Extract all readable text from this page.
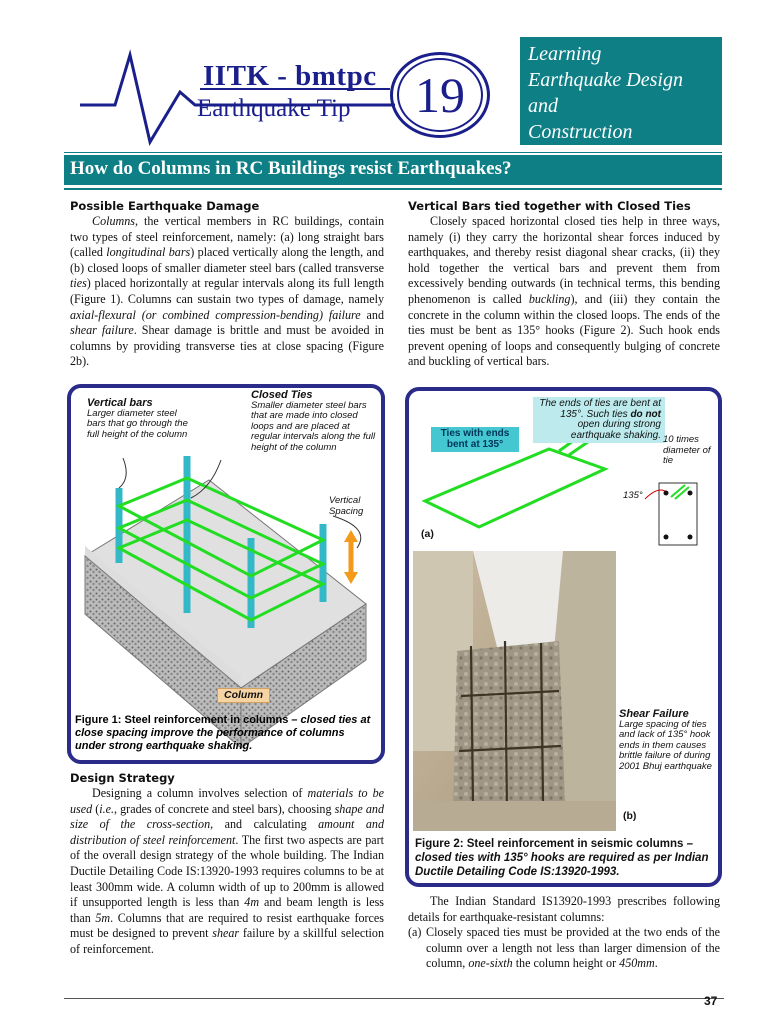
IITK - bmtpc
Earthquake Tip 19
Learning
Earthquake Design
and
Construction
How do Columns in RC Buildings resist Earthquakes?
Possible Earthquake Damage

Columns, the vertical members in RC buildings, contain two types of steel reinforcement, namely: (a) long straight bars (called longitudinal bars) placed vertically along the length, and (b) closed loops of smaller diameter steel bars (called transverse ties) placed horizontally at regular intervals along its full length (Figure 1). Columns can sustain two types of damage, namely axial-flexural (or combined compression-bending) failure and shear failure. Shear damage is brittle and must be avoided in columns by providing transverse ties at close spacing (Figure 2b).

Vertical bars
Larger diameter steel bars that go through the full height of the column
Closed Ties
Smaller diameter steel bars that are made into closed loops and are placed at regular intervals along the full height of the column
Vertical Spacing
Column
Figure 1: Steel reinforcement in columns – closed ties at close spacing improve the performance of columns under strong earthquake shaking.
Design Strategy

Designing a column involves selection of materials to be used (i.e., grades of concrete and steel bars), choosing shape and size of the cross-section, and calculating amount and distribution of steel reinforcement. The first two aspects are part of the overall design strategy of the whole building. The Indian Ductile Detailing Code IS:13920-1993 requires columns to be at least 300mm wide. A column width of up to 200mm is allowed if unsupported length is less than 4m and beam length is less than 5m. Columns that are required to resist earthquake forces must be designed to prevent shear failure by a skillful selection of reinforcement.

Vertical Bars tied together with Closed Ties

Closely spaced horizontal closed ties help in three ways, namely (i) they carry the horizontal shear forces induced by earthquakes, and thereby resist diagonal shear cracks, (ii) they hold together the vertical bars and prevent them from excessively bending outwards (in technical terms, this bending phenomenon is called buckling), and (iii) they contain the concrete in the column within the closed loops. The ends of the ties must be bent as 135° hooks (Figure 2). Such hook ends prevent opening of loops and consequently bulging of concrete and buckling of vertical bars.

Ties with ends bent at 135°
The ends of ties are bent at 135°. Such ties do not open during strong earthquake shaking. 10 times diameter of tie
135°
(a)
Shear Failure
Large spacing of ties and lack of 135° hook ends in them causes brittle failure of during 2001 Bhuj earthquake
(b)
Figure 2: Steel reinforcement in seismic columns – closed ties with 135° hooks are required as per Indian Ductile Detailing Code IS:13920-1993.

The Indian Standard IS13920-1993 prescribes following details for earthquake-resistant columns:

(a) Closely spaced ties must be provided at the two ends of the column over a length not less than larger dimension of the column, one-sixth the column height or 450mm.
37
